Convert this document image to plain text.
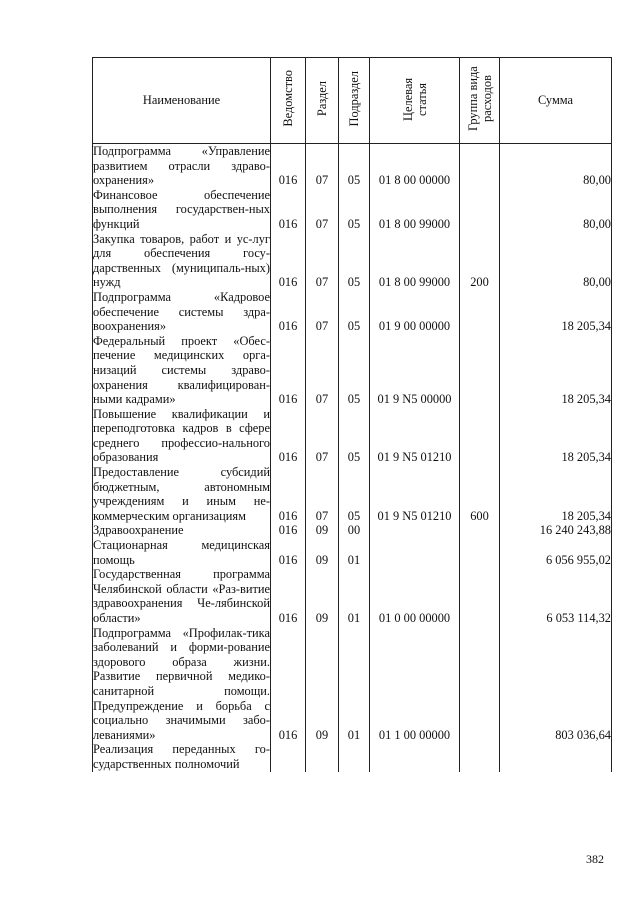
Наименование	Ведомство	Раздел	Подраздел	Целевая статья	Группа вида расходов	Сумма
Подпрограмма «Управление развитием отрасли здраво-охранения»	016	07	05	01 8 00 00000		80,00
Финансовое обеспечение выполнения государствен-ных функций	016	07	05	01 8 00 99000		80,00
Закупка товаров, работ и ус-луг для обеспечения госу-дарственных (муниципаль-ных) нужд	016	07	05	01 8 00 99000	200	80,00
Подпрограмма «Кадровое обеспечение системы здра-воохранения»	016	07	05	01 9 00 00000		18 205,34
Федеральный проект «Обес-печение медицинских орга-низаций системы здраво-охранения квалифицирован-ными кадрами»	016	07	05	01 9 N5 00000		18 205,34
Повышение квалификации и переподготовка кадров в сфере среднего профессио-нального образования	016	07	05	01 9 N5 01210		18 205,34
Предоставление субсидий бюджетным, автономным учреждениям и иным не-коммерческим организациям	016	07	05	01 9 N5 01210	600	18 205,34
Здравоохранение	016	09	00			16 240 243,88
Стационарная медицинская помощь	016	09	01			6 056 955,02
Государственная программа Челябинской области «Раз-витие здравоохранения Че-лябинской области»	016	09	01	01 0 00 00000		6 053 114,32
Подпрограмма «Профилак-тика заболеваний и форми-рование здорового образа жизни. Развитие первичной медико-санитарной помощи. Предупреждение и борьба с социально значимыми забо-леваниями»	016	09	01	01 1 00 00000		803 036,64
Реализация переданных го-сударственных полномочий						
382
